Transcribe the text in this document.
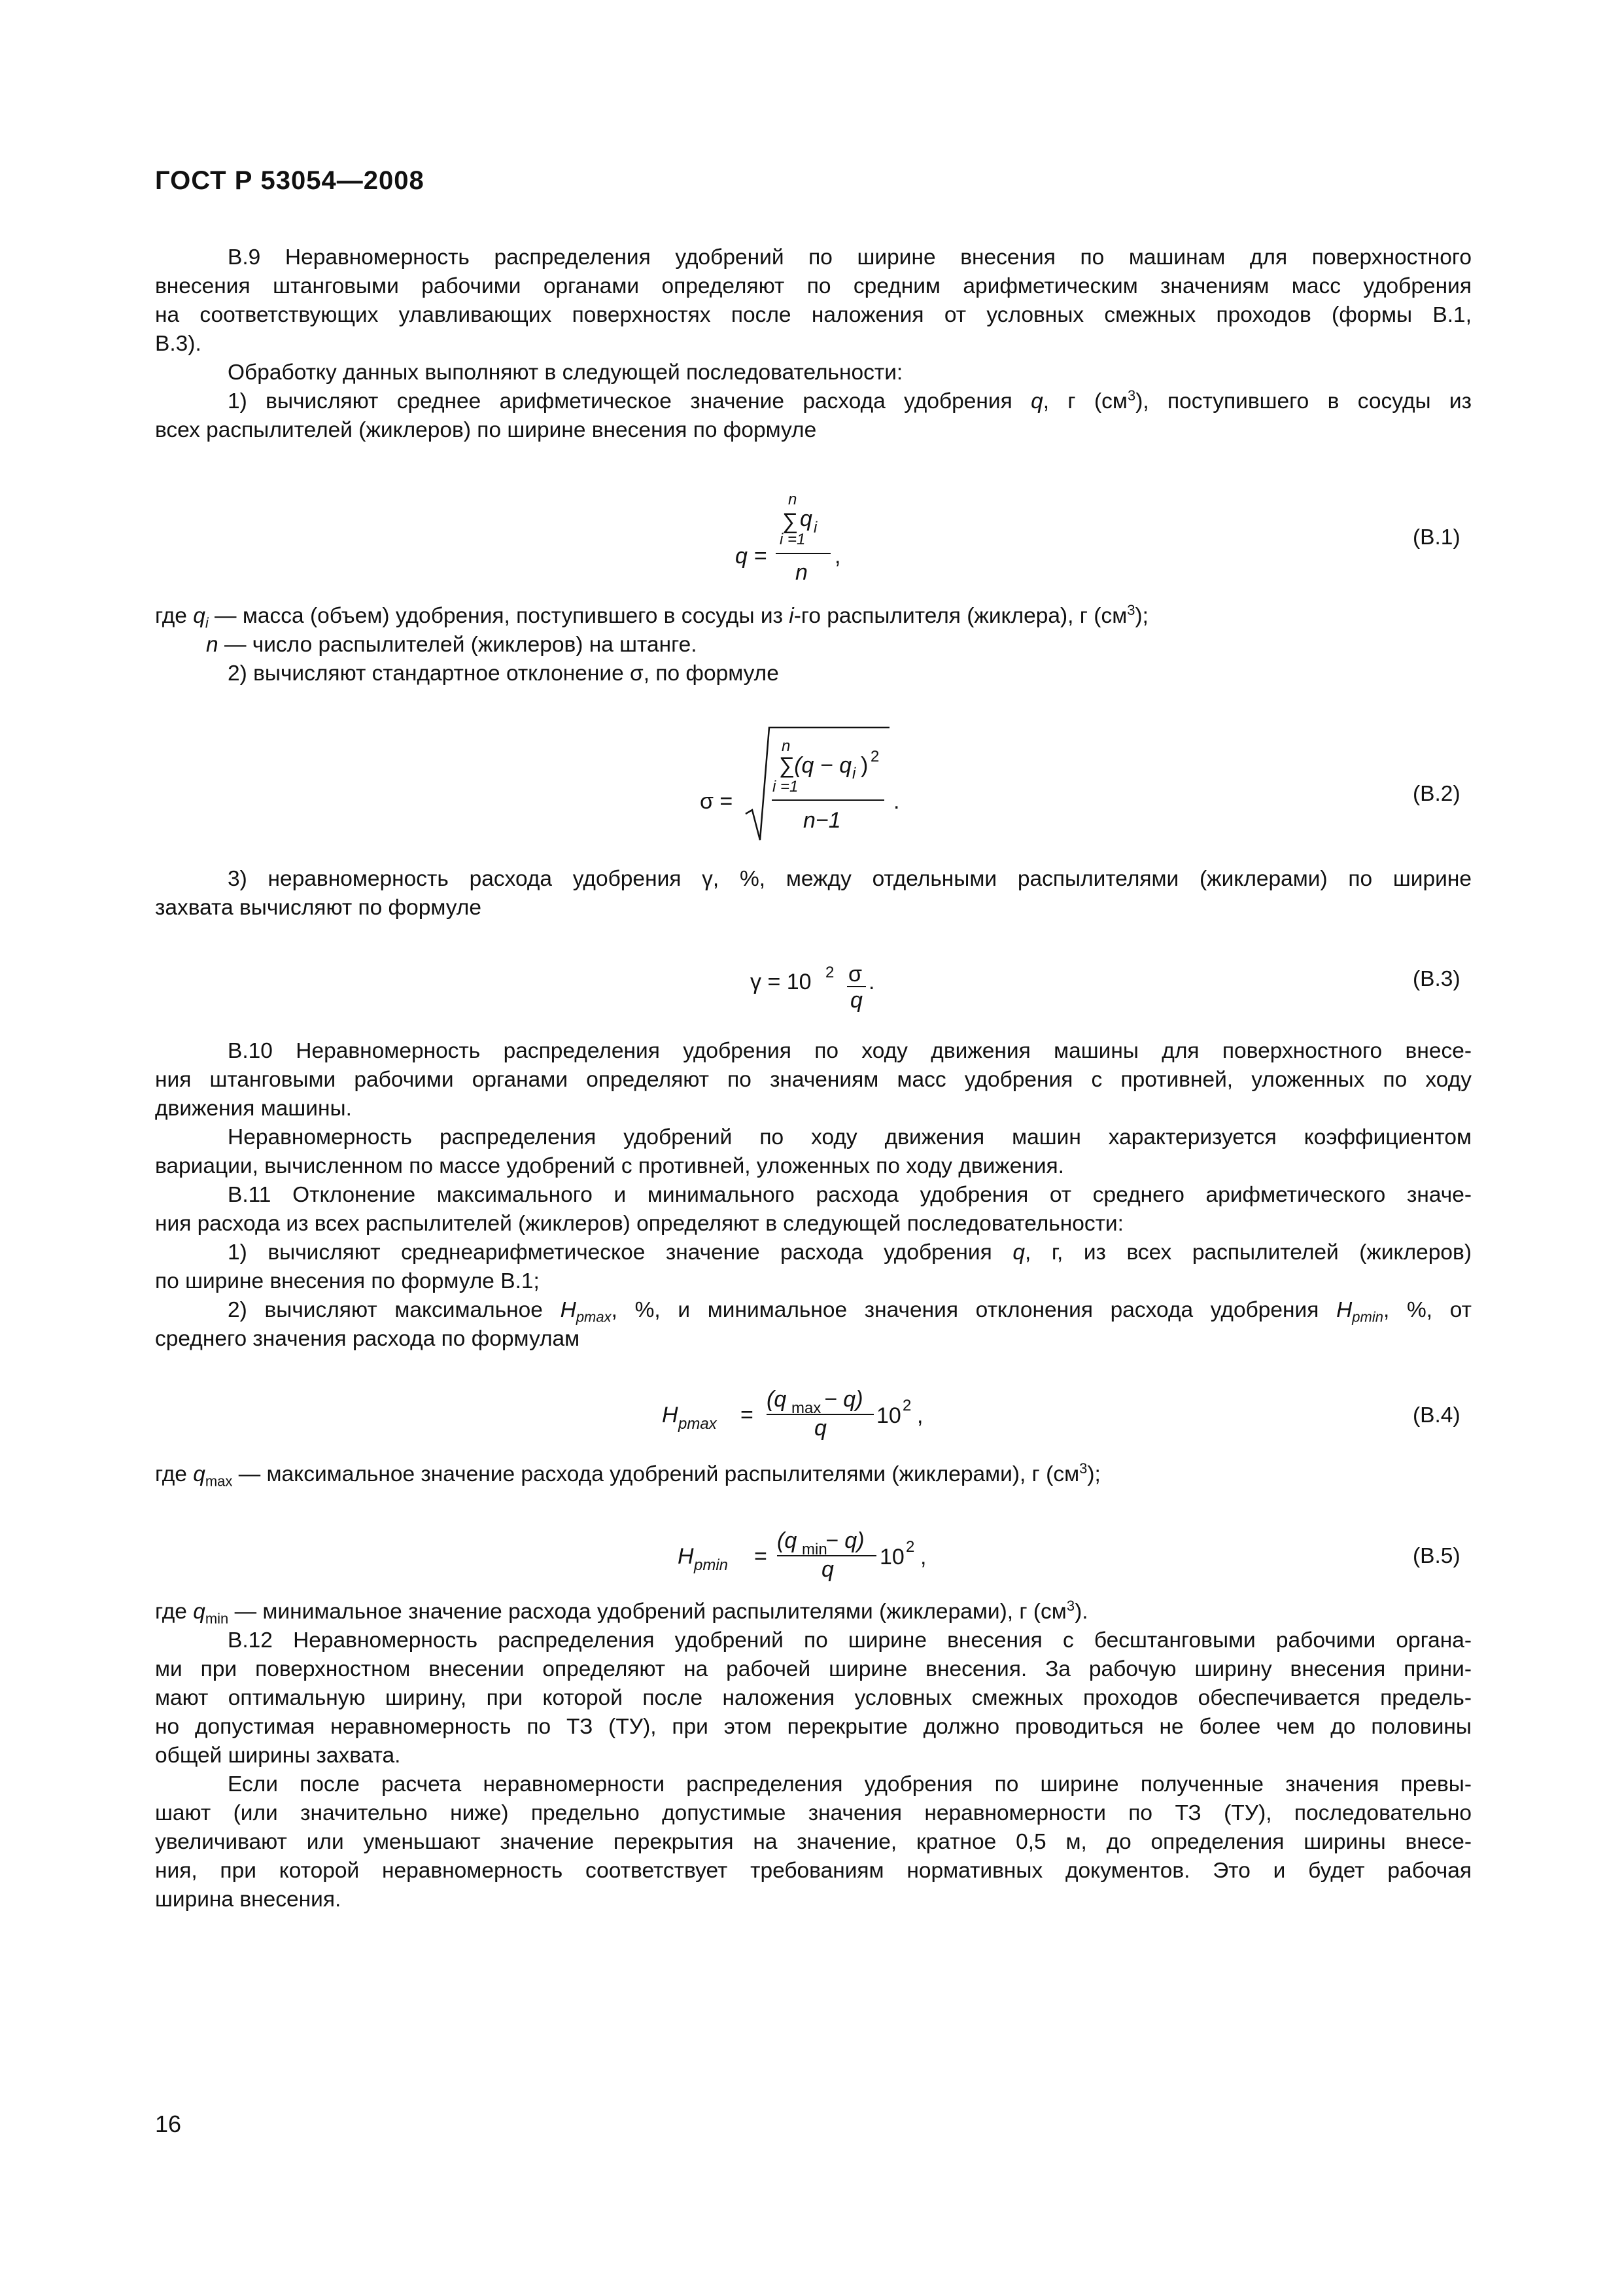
ГОСТ Р 53054—2008
В.9 Неравномерность распределения удобрений по ширине внесения по машинам для поверхностного
внесения штанговыми рабочими органами определяют по средним арифметическим значениям масс удобрения
на соответствующих улавливающих поверхностях после наложения от условных смежных проходов (формы В.1,
В.3).
Обработку данных выполняют в следующей последовательности:
1) вычисляют среднее арифметическое значение расхода удобрения q, г $(см^3)$, поступившего в сосуды из
всех распылителей (жиклеров) по ширине внесения по формуле
q =
n
∑ q i
i =1
n
,
(В.1)
где $q_i$ — масса (объем) удобрения, поступившего в сосуды из i-го распылителя (жиклера), г $(см^3)$;
n — число распылителей (жиклеров) на штанге.
2) вычисляют стандартное отклонение σ, по формуле
σ =
n
∑(q − q i ) 2
i =1
n−1
.	(В.2)
3) неравномерность расхода удобрения γ, %, между отдельными распылителями (жиклерами) по ширине
захвата вычисляют по формуле
γ = 10 2 σ
q
.	(В.3)
В.10 Неравномерность распределения удобрения по ходу движения машины для поверхностного внесе-
ния штанговыми рабочими органами определяют по значениям масс удобрения с противней, уложенных по ходу
движения машины.
Неравномерность распределения удобрений по ходу движения машин характеризуется коэффициентом
вариации, вычисленном по массе удобрений с противней, уложенных по ходу движения.
В.11 Отклонение максимального и минимального расхода удобрения от среднего арифметического значе-
ния расхода из всех распылителей (жиклеров) определяют в следующей последовательности:
1) вычисляют среднеарифметическое значение расхода удобрения q, г, из всех распылителей (жиклеров)
по ширине внесения по формуле В.1;
2) вычисляют максимальное $H_{pmax}$, %, и минимальное значения отклонения расхода удобрения $H_{pmin}$, %, от
среднего значения расхода по формулам
H pmax =
(q max − q)
q 10 2 ,	(В.4)
где $q_{max}$ — максимальное значение расхода удобрений распылителями (жиклерами), г $(см^3)$;
H pmin =
(q min
− q)
q 10 2 ,	(В.5)
где $q_{min}$ — минимальное значение расхода удобрений распылителями (жиклерами), г $(см^3)$.
В.12 Неравномерность распределения удобрений по ширине внесения с бесштанговыми рабочими органа-
ми при поверхностном внесении определяют на рабочей ширине внесения. За рабочую ширину внесения прини-
мают оптимальную ширину, при которой после наложения условных смежных проходов обеспечивается предель-
но допустимая неравномерность по ТЗ (ТУ), при этом перекрытие должно проводиться не более чем до половины
общей ширины захвата.
Если после расчета неравномерности распределения удобрения по ширине полученные значения превы-
шают (или значительно ниже) предельно допустимые значения неравномерности по ТЗ (ТУ), последовательно
увеличивают или уменьшают значение перекрытия на значение, кратное 0,5 м, до определения ширины внесе-
ния, при которой неравномерность соответствует требованиям нормативных документов. Это и будет рабочая
ширина внесения.
16
